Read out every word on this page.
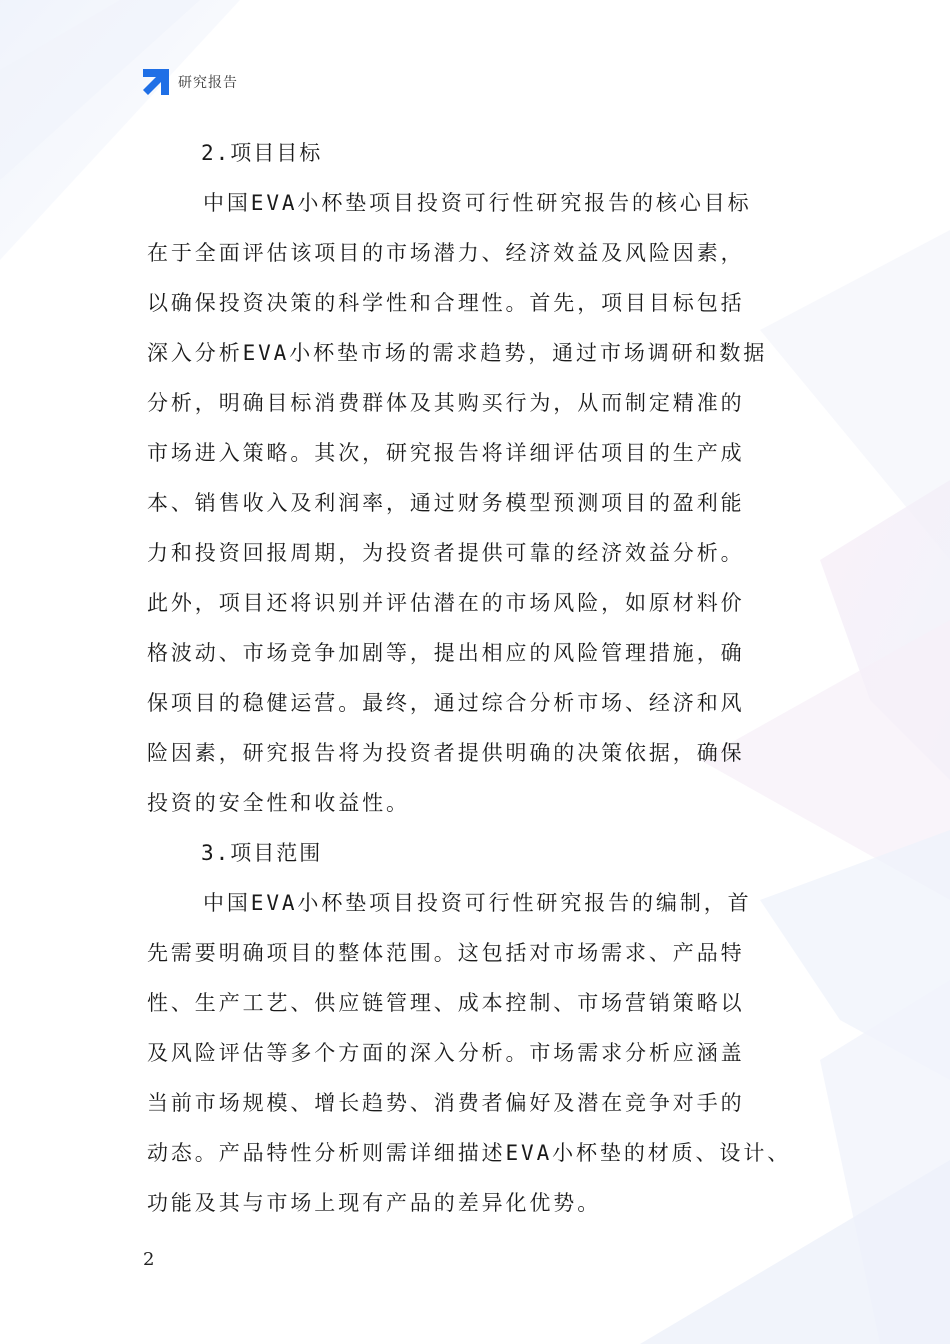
研究报告
2.项目目标
中国EVA小杯垫项目投资可行性研究报告的核心目标
在于全面评估该项目的市场潜力、经济效益及风险因素，
以确保投资决策的科学性和合理性。首先，项目目标包括
深入分析EVA小杯垫市场的需求趋势，通过市场调研和数据
分析，明确目标消费群体及其购买行为，从而制定精准的
市场进入策略。其次，研究报告将详细评估项目的生产成
本、销售收入及利润率，通过财务模型预测项目的盈利能
力和投资回报周期，为投资者提供可靠的经济效益分析。
此外，项目还将识别并评估潜在的市场风险，如原材料价
格波动、市场竞争加剧等，提出相应的风险管理措施，确
保项目的稳健运营。最终，通过综合分析市场、经济和风
险因素，研究报告将为投资者提供明确的决策依据，确保
投资的安全性和收益性。
3.项目范围
中国EVA小杯垫项目投资可行性研究报告的编制，首
先需要明确项目的整体范围。这包括对市场需求、产品特
性、生产工艺、供应链管理、成本控制、市场营销策略以
及风险评估等多个方面的深入分析。市场需求分析应涵盖
当前市场规模、增长趋势、消费者偏好及潜在竞争对手的
动态。产品特性分析则需详细描述EVA小杯垫的材质、设计、
功能及其与市场上现有产品的差异化优势。
2
